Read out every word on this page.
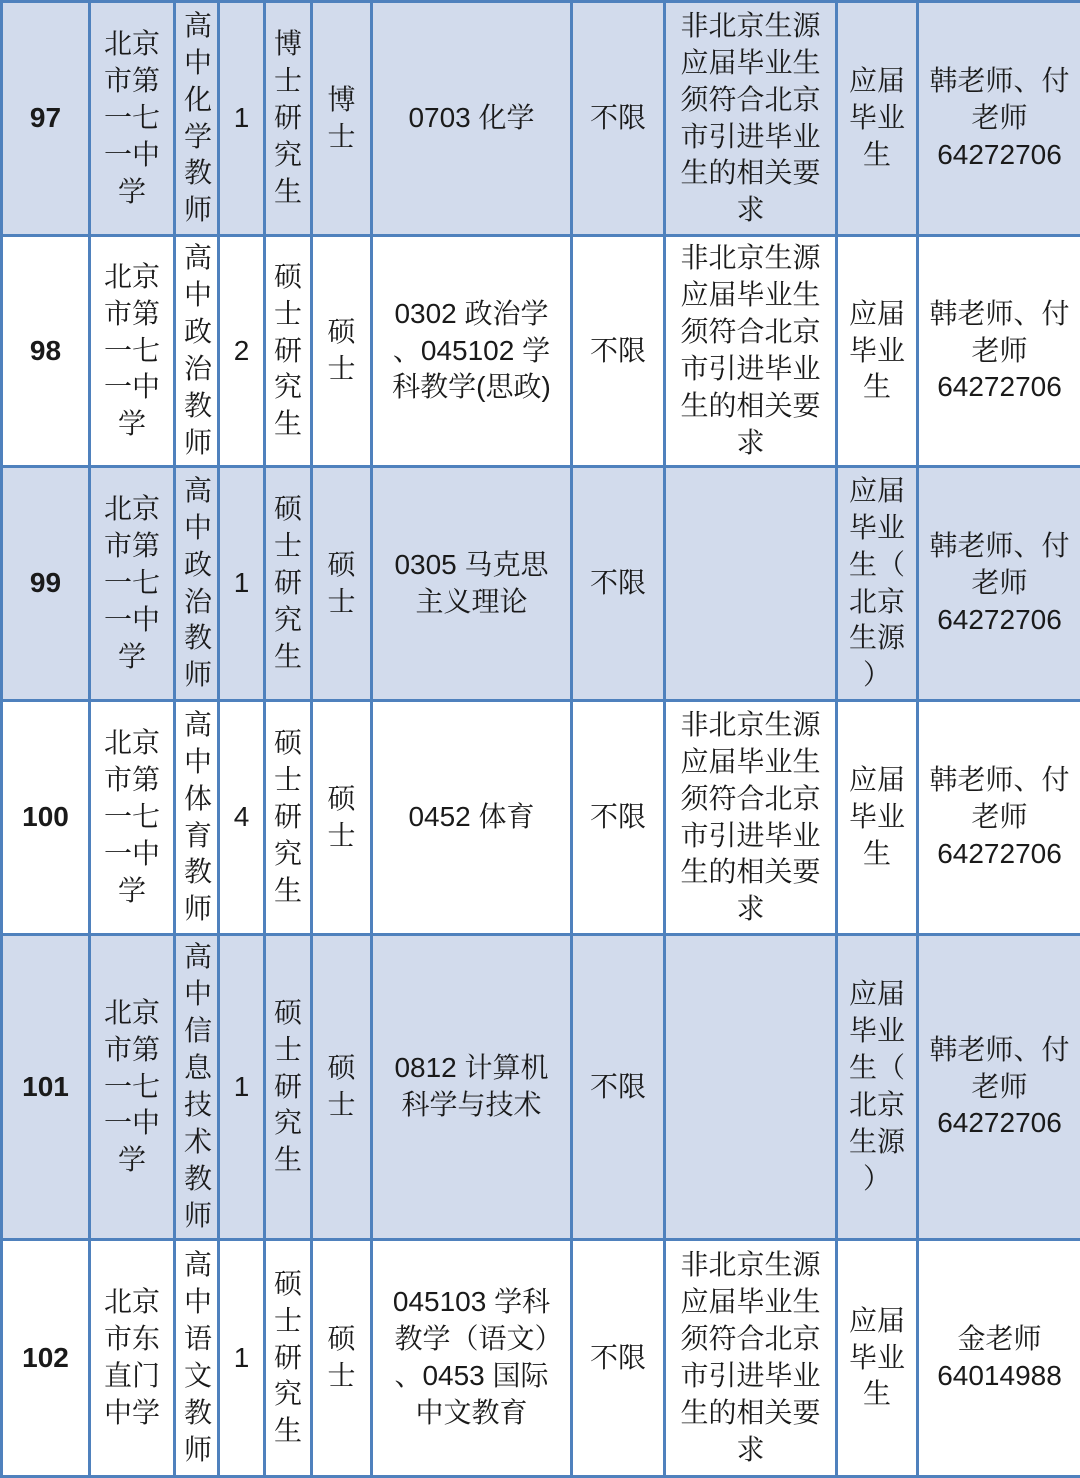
97	北京市第一七一中学	高中化学教师	1	博士研究生	博士	0703 化学	不限	非北京生源应届毕业生须符合北京市引进毕业生的相关要求	应届毕业生	韩老师、付老师
64272706

98	北京市第一七一中学	高中政治教师	2	硕士研究生	硕士	0302 政治学、045102 学科教学(思政)	不限	非北京生源应届毕业生须符合北京市引进毕业生的相关要求	应届毕业生	韩老师、付老师
64272706

99	北京市第一七一中学	高中政治教师	1	硕士研究生	硕士	0305 马克思主义理论	不限		应届毕业生（北京生源）	韩老师、付老师
64272706

100	北京市第一七一中学	高中体育教师	4	硕士研究生	硕士	0452 体育	不限	非北京生源应届毕业生须符合北京市引进毕业生的相关要求	应届毕业生	韩老师、付老师
64272706

101	北京市第一七一中学	高中信息技术教师	1	硕士研究生	硕士	0812 计算机科学与技术	不限		应届毕业生（北京生源）	韩老师、付老师
64272706

102	北京市东直门中学	高中语文教师	1	硕士研究生	硕士	045103 学科教学（语文）、0453 国际中文教育	不限	非北京生源应届毕业生须符合北京市引进毕业生的相关要求	应届毕业生	金老师
64014988
